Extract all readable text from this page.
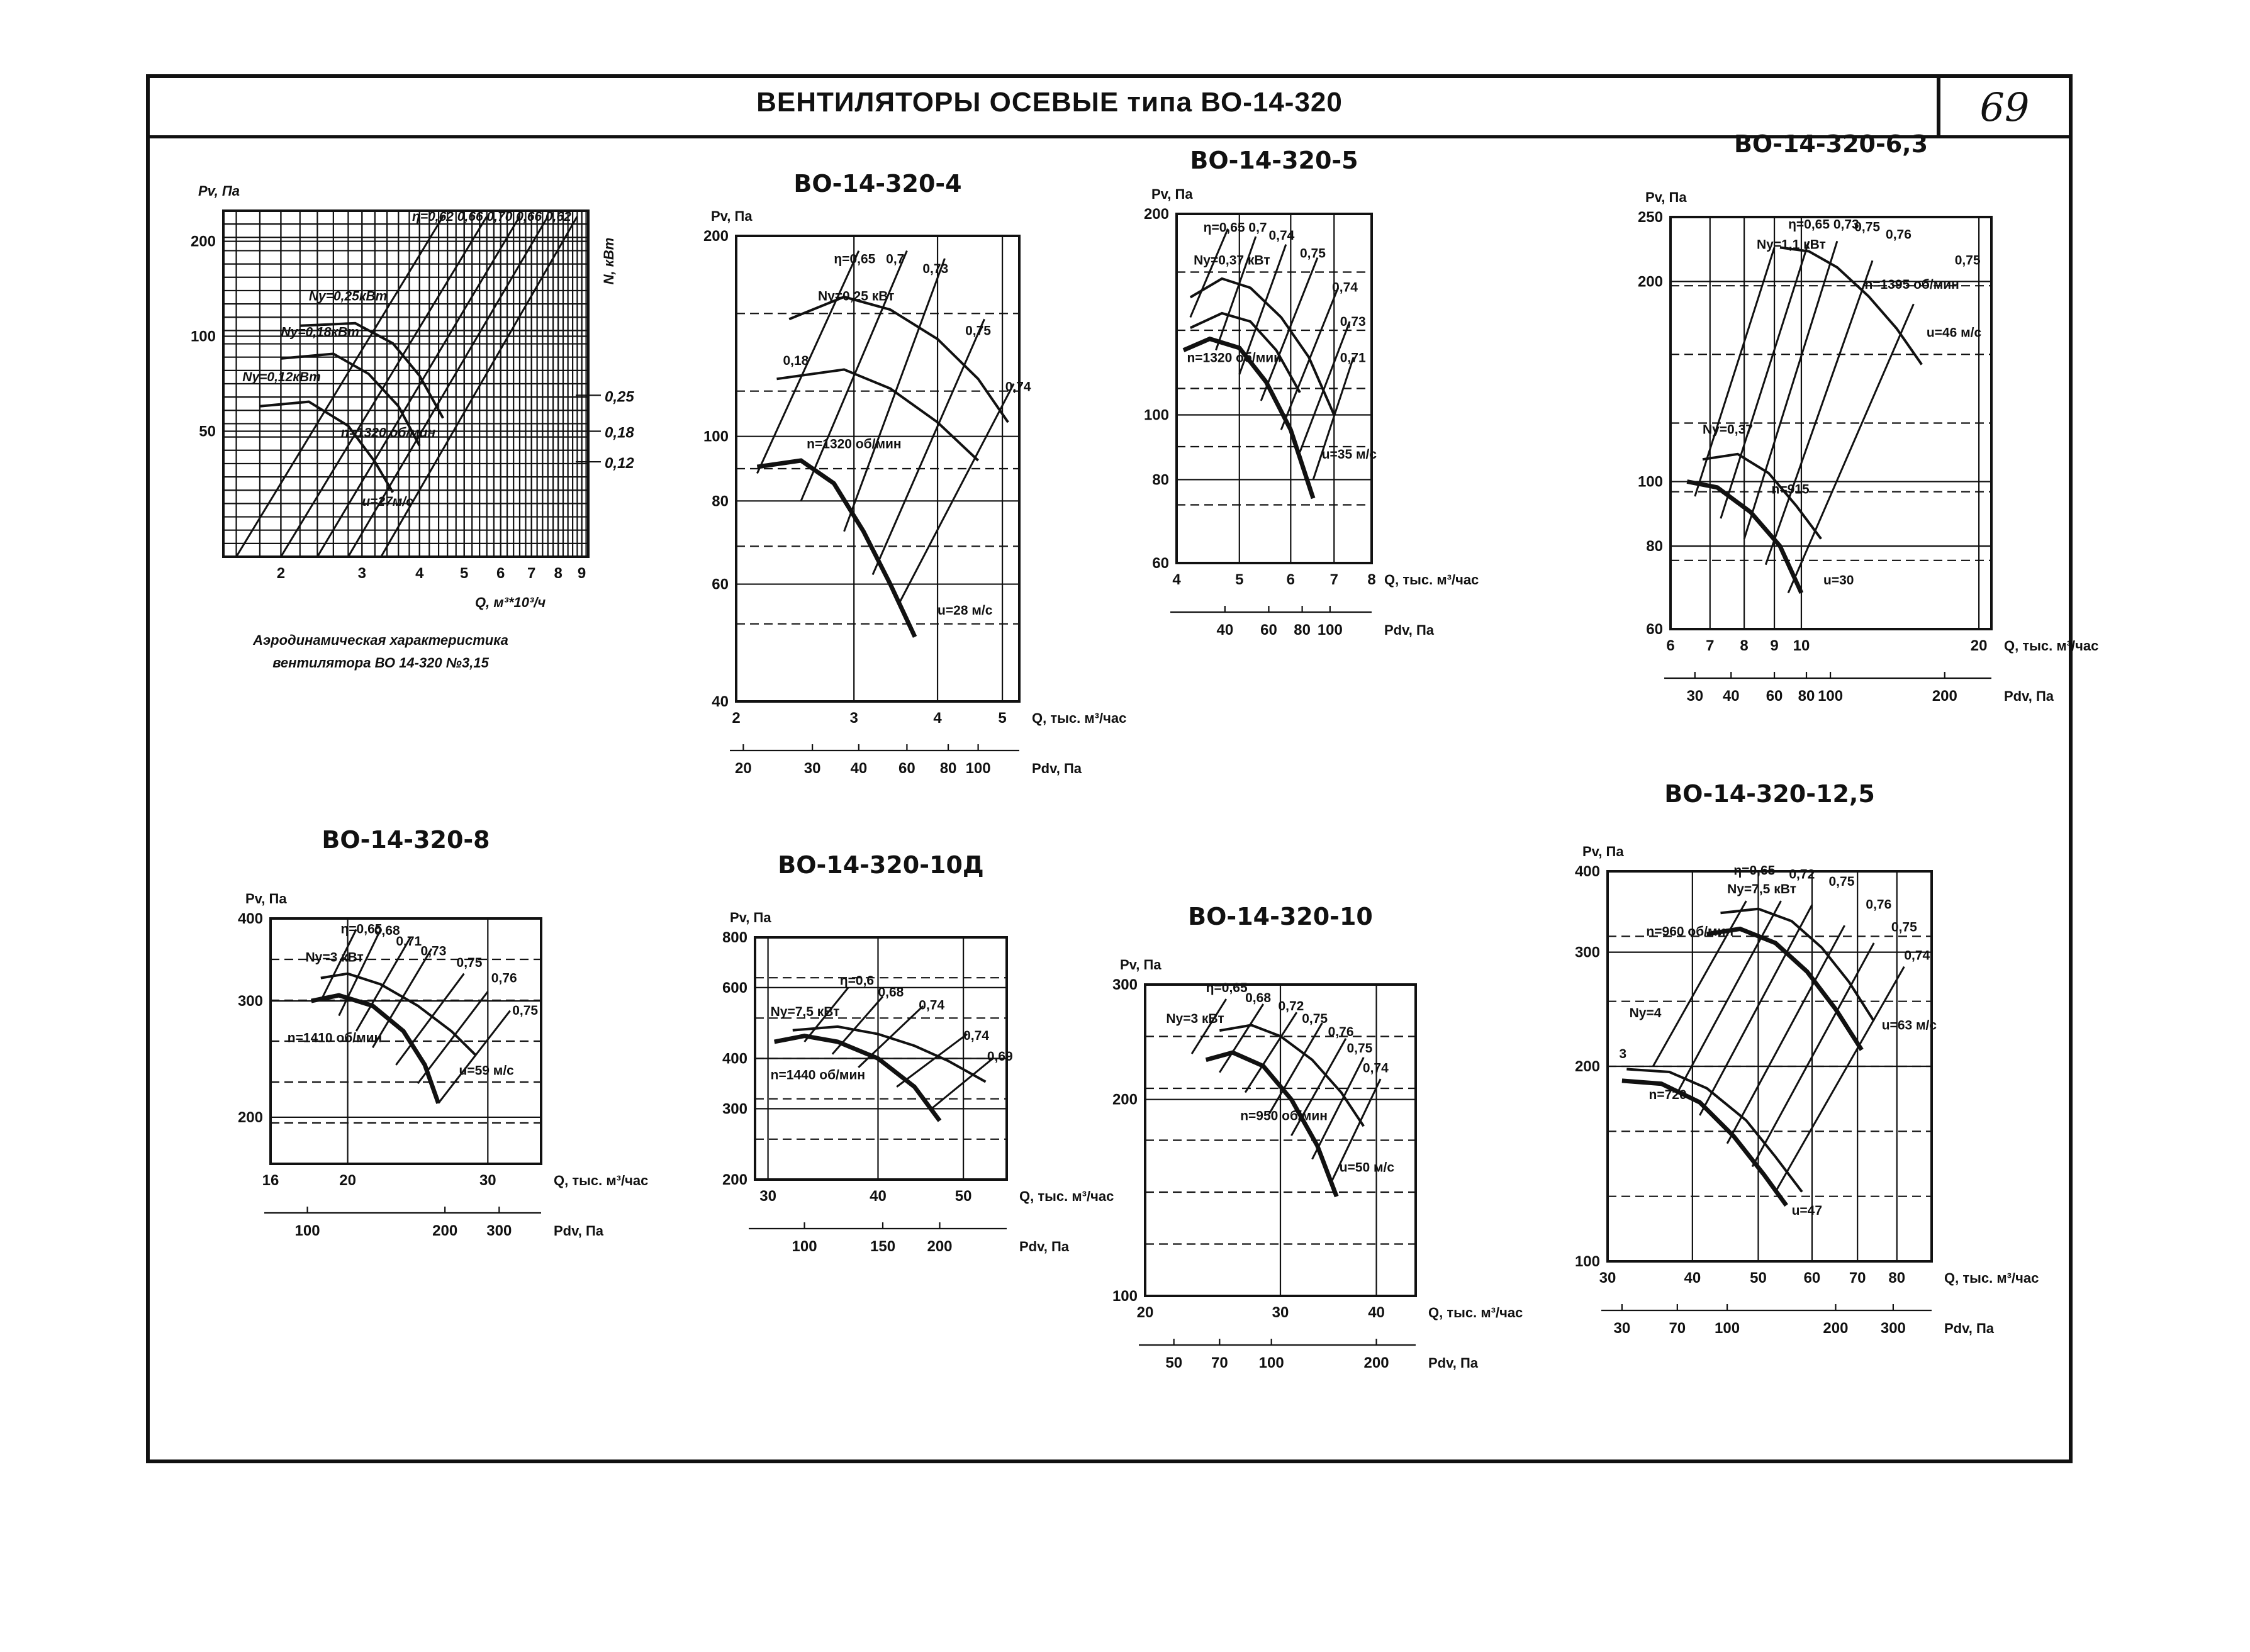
ВЕНТИЛЯТОРЫ ОСЕВЫЕ типа ВО-14-320	69
2	3	4 5 6 7 8 9
200
100
50
Ny=0,25кВт
Ny=0,18кВт
Ny=0,12кВт
n=1320 об/мин
u=27м/с
Pv, Па
Q, м³*10³/ч
N, кВт
0,25
0,18
0,12
η=0,62 0,66 0,70 0,66 0,62
Аэродинамическая характеристика
вентилятора ВО 14-320 №3,15
ВО-14-320-4
2	3	4	5
200
100
80
60
40
η=0,65 0,7
0,73
Ny=0,25 кВт
0,75
0,18
0,74
n=1320 об/мин
u=28 м/с
Pv, Па
Q, тыс. м³/час
20	30 40 60 80 100	Pdv, Па
ВО-14-320-5
4	5	6 7 8
200
100
80
60
η=0,65 0,7
0,74
Ny=0,37 кВт 0,75
0,74
0,73
n=1320 об/мин	0,71
u=35 м/с
Pv, Па
Q, тыс. м³/час
40 60 80 100	Pdv, Па
ВО-14-320-6,3
6 7 8 9 10	20
250
200
100
80
60
η=0,65 0,73
0,75
0,76
Ny=1,1 кВт
0,75
n=1395 об/мин
u=46 м/с
Ny=0,37
n=915
u=30
Pv, Па
Q, тыс. м³/час
30 40 60 80 100	200	Pdv, Па
ВО-14-320-8
16	20	30
400
300
200
η=0,65
0,68
0,71
0,73
Ny=3 кВт	0,75
0,76
0,75
n=1410 об/мин
u=59 м/с
Pv, Па
Q, тыс. м³/час
100	200 300	Pdv, Па
ВО-14-320-10Д
30	40	50
800
600
400
300
200
η=0,6
0,68
0,74
Ny=7,5 кВт
0,74
0,69
n=1440 об/мин
Pv, Па
Q, тыс. м³/час
100	150 200	Pdv, Па
ВО-14-320-10
20	30	40
300
200
100
η=0,65
0,68
Ny=3 кВт
0,72
0,75
0,76
0,75
0,74
n=950 об/мин
u=50 м/с
Pv, Па
Q, тыс. м³/час
50 70 100	200	Pdv, Па
ВО-14-320-12,5
30	40	50 60 70 80
400
300
200
100
η=0,65 0,72
Ny=7,5 кВт
0,75
0,76
0,75
n=960 об/мин
0,74
Ny=4
u=63 м/с
3
n=720
u=47
Pv, Па
Q, тыс. м³/час
30	70 100	200 300	Pdv, Па
